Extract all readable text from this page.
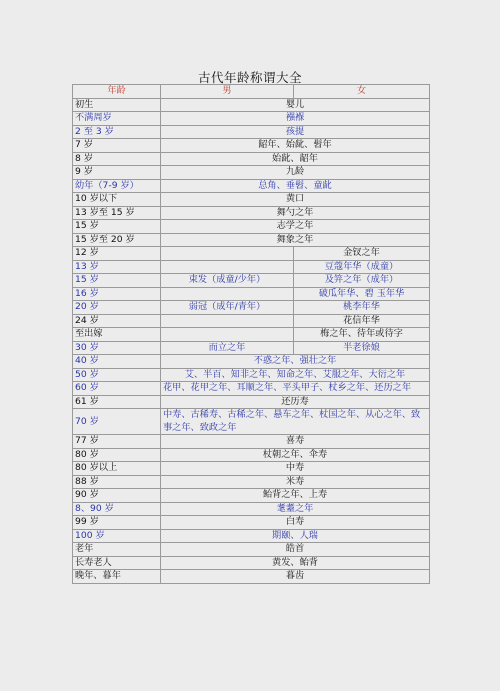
古代年龄称谓大全
年龄	男	女
初生	婴儿	
不满周岁	襁褓	
2 至 3 岁	孩提	
7 岁	龆年、始龀、髫年	
8 岁	始龀、龆年	
9 岁	九龄	
幼年（7-9 岁）	总角、垂髫、童龀	
10 岁以下	黄口	
13 岁至 15 岁	舞勺之年	
15 岁	志学之年	
15 岁至 20 岁	舞象之年	
12 岁		金钗之年
13 岁		豆蔻年华（成童）
15 岁	束发（成童/少年）	及笄之年（成年）
16 岁		破瓜年华、碧 玉年华
20 岁	弱冠（成年/青年）	桃李年华
24 岁		花信年华
至出嫁		梅之年、待年或待字
30 岁	而立之年	半老徐娘
40 岁	不惑之年、强壮之年	
50 岁	艾、半百、知非之年、知命之年、艾服之年、大衍之年	
60 岁	花甲、花甲之年、耳顺之年、平头甲子、杖乡之年、还历之年	
61 岁	还历寿	
70 岁	中寿、古稀寿、古稀之年、悬车之年、杖国之年、从心之年、致事之年、致政之年	
77 岁	喜寿	
80 岁	杖朝之年、伞寿	
80 岁以上	中寿	
88 岁	米寿	
90 岁	鲐背之年、上寿	
8、90 岁	耄耋之年	
99 岁	白寿	
100 岁	期颐、人瑞	
老年	皓首	
长寿老人	黄发、鲐背	
晚年、暮年	暮齿	
